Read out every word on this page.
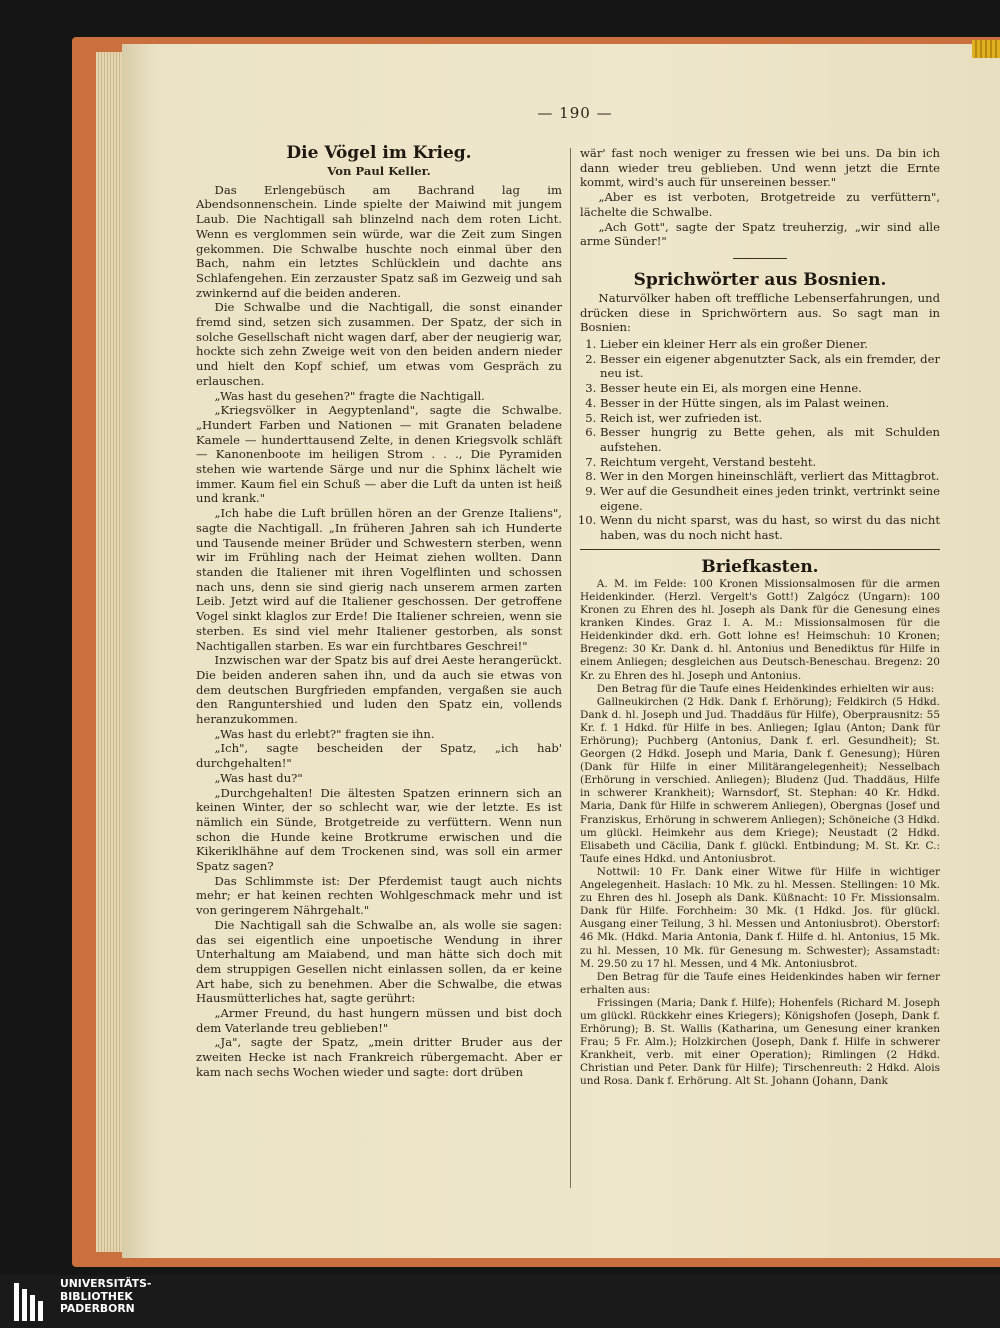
— 190 —
Die Vögel im Krieg.
Von Paul Keller.

Das Erlengebüsch am Bachrand lag im Abendsonnenschein. Linde spielte der Maiwind mit jungem Laub. Die Nachtigall sah blinzelnd nach dem roten Licht. Wenn es verglommen sein würde, war die Zeit zum Singen gekommen. Die Schwalbe huschte noch einmal über den Bach, nahm ein letztes Schlücklein und dachte ans Schlafengehen. Ein zerzauster Spatz saß im Gezweig und sah zwinkernd auf die beiden anderen.

Die Schwalbe und die Nachtigall, die sonst einander fremd sind, setzen sich zusammen. Der Spatz, der sich in solche Gesellschaft nicht wagen darf, aber der neugierig war, hockte sich zehn Zweige weit von den beiden andern nieder und hielt den Kopf schief, um etwas vom Gespräch zu erlauschen.

„Was hast du gesehen?" fragte die Nachtigall.

„Kriegsvölker in Aegyptenland", sagte die Schwalbe. „Hundert Farben und Nationen — mit Granaten beladene Kamele — hunderttausend Zelte, in denen Kriegsvolk schläft — Kanonenboote im heiligen Strom . . ., Die Pyramiden stehen wie wartende Särge und nur die Sphinx lächelt wie immer. Kaum fiel ein Schuß — aber die Luft da unten ist heiß und krank."

„Ich habe die Luft brüllen hören an der Grenze Italiens", sagte die Nachtigall. „In früheren Jahren sah ich Hunderte und Tausende meiner Brüder und Schwestern sterben, wenn wir im Frühling nach der Heimat ziehen wollten. Dann standen die Italiener mit ihren Vogelflinten und schossen nach uns, denn sie sind gierig nach unserem armen zarten Leib. Jetzt wird auf die Italiener geschossen. Der getroffene Vogel sinkt klaglos zur Erde! Die Italiener schreien, wenn sie sterben. Es sind viel mehr Italiener gestorben, als sonst Nachtigallen starben. Es war ein furchtbares Geschrei!"

Inzwischen war der Spatz bis auf drei Aeste herangerückt. Die beiden anderen sahen ihn, und da auch sie etwas von dem deutschen Burgfrieden empfanden, vergaßen sie auch den Ranguntershied und luden den Spatz ein, vollends heranzukommen.

„Was hast du erlebt?" fragten sie ihn.

„Ich", sagte bescheiden der Spatz, „ich hab' durchgehalten!"

„Was hast du?"

„Durchgehalten! Die ältesten Spatzen erinnern sich an keinen Winter, der so schlecht war, wie der letzte. Es ist nämlich ein Sünde, Brotgetreide zu verfüttern. Wenn nun schon die Hunde keine Brotkrume erwischen und die Kikeriklhähne auf dem Trockenen sind, was soll ein armer Spatz sagen?

Das Schlimmste ist: Der Pferdemist taugt auch nichts mehr; er hat keinen rechten Wohlgeschmack mehr und ist von geringerem Nährgehalt."

Die Nachtigall sah die Schwalbe an, als wolle sie sagen: das sei eigentlich eine unpoetische Wendung in ihrer Unterhaltung am Maiabend, und man hätte sich doch mit dem struppigen Gesellen nicht einlassen sollen, da er keine Art habe, sich zu benehmen. Aber die Schwalbe, die etwas Hausmütterliches hat, sagte gerührt:

„Armer Freund, du hast hungern müssen und bist doch dem Vaterlande treu geblieben!"

„Ja", sagte der Spatz, „mein dritter Bruder aus der zweiten Hecke ist nach Frankreich rübergemacht. Aber er kam nach sechs Wochen wieder und sagte: dort drüben

wär' fast noch weniger zu fressen wie bei uns. Da bin ich dann wieder treu geblieben. Und wenn jetzt die Ernte kommt, wird's auch für unsereinen besser."

„Aber es ist verboten, Brotgetreide zu verfüttern", lächelte die Schwalbe.

„Ach Gott", sagte der Spatz treuherzig, „wir sind alle arme Sünder!"

Sprichwörter aus Bosnien.

Naturvölker haben oft treffliche Lebenserfahrungen, und drücken diese in Sprichwörtern aus. So sagt man in Bosnien:

1. Lieber ein kleiner Herr als ein großer Diener.
2. Besser ein eigener abgenutzter Sack, als ein fremder, der neu ist.
3. Besser heute ein Ei, als morgen eine Henne.
4. Besser in der Hütte singen, als im Palast weinen.
5. Reich ist, wer zufrieden ist.
6. Besser hungrig zu Bette gehen, als mit Schulden aufstehen.
7. Reichtum vergeht, Verstand besteht.
8. Wer in den Morgen hineinschläft, verliert das Mittagbrot.
9. Wer auf die Gesundheit eines jeden trinkt, vertrinkt seine eigene.
10. Wenn du nicht sparst, was du hast, so wirst du das nicht haben, was du noch nicht hast.
Briefkasten.

A. M. im Felde: 100 Kronen Missionsalmosen für die armen Heidenkinder. (Herzl. Vergelt's Gott!) Zalgócz (Ungarn): 100 Kronen zu Ehren des hl. Joseph als Dank für die Genesung eines kranken Kindes. Graz I. A. M.: Missionsalmosen für die Heidenkinder dkd. erh. Gott lohne es! Heimschuh: 10 Kronen; Bregenz: 30 Kr. Dank d. hl. Antonius und Benediktus für Hilfe in einem Anliegen; desgleichen aus Deutsch-Beneschau. Bregenz: 20 Kr. zu Ehren des hl. Joseph und Antonius.

Den Betrag für die Taufe eines Heidenkindes erhielten wir aus:

Gallneukirchen (2 Hdk. Dank f. Erhörung); Feldkirch (5 Hdkd. Dank d. hl. Joseph und Jud. Thaddäus für Hilfe), Oberprausnitz: 55 Kr. f. 1 Hdkd. für Hilfe in bes. Anliegen; Iglau (Anton; Dank für Erhörung); Puchberg (Antonius, Dank f. erl. Gesundheit); St. Georgen (2 Hdkd. Joseph und Maria, Dank f. Genesung); Hüren (Dank für Hilfe in einer Militärangelegenheit); Nesselbach (Erhörung in verschied. Anliegen); Bludenz (Jud. Thaddäus, Hilfe in schwerer Krankheit); Warnsdorf, St. Stephan: 40 Kr. Hdkd. Maria, Dank für Hilfe in schwerem Anliegen), Obergnas (Josef und Franziskus, Erhörung in schwerem Anliegen); Schöneiche (3 Hdkd. um glückl. Heimkehr aus dem Kriege); Neustadt (2 Hdkd. Elisabeth und Cäcilia, Dank f. glückl. Entbindung; M. St. Kr. C.: Taufe eines Hdkd. und Antoniusbrot.

Nottwil: 10 Fr. Dank einer Witwe für Hilfe in wichtiger Angelegenheit. Haslach: 10 Mk. zu hl. Messen. Stellingen: 10 Mk. zu Ehren des hl. Joseph als Dank. Küßnacht: 10 Fr. Missionsalm. Dank für Hilfe. Forchheim: 30 Mk. (1 Hdkd. Jos. für glückl. Ausgang einer Teilung, 3 hl. Messen und Antoniusbrot). Oberstorf: 46 Mk. (Hdkd. Maria Antonia, Dank f. Hilfe d. hl. Antonius, 15 Mk. zu hl. Messen, 10 Mk. für Genesung m. Schwester); Assamstadt: M. 29.50 zu 17 hl. Messen, und 4 Mk. Antoniusbrot.

Den Betrag für die Taufe eines Heidenkindes haben wir ferner erhalten aus:

Frissingen (Maria; Dank f. Hilfe); Hohenfels (Richard M. Joseph um glückl. Rückkehr eines Kriegers); Königshofen (Joseph, Dank f. Erhörung); B. St. Wallis (Katharina, um Genesung einer kranken Frau; 5 Fr. Alm.); Holzkirchen (Joseph, Dank f. Hilfe in schwerer Krankheit, verb. mit einer Operation); Rimlingen (2 Hdkd. Christian und Peter. Dank für Hilfe); Tirschenreuth: 2 Hdkd. Alois und Rosa. Dank f. Erhörung. Alt St. Johann (Johann, Dank

UNIVERSITÄTS-
BIBLIOTHEK
PADERBORN
